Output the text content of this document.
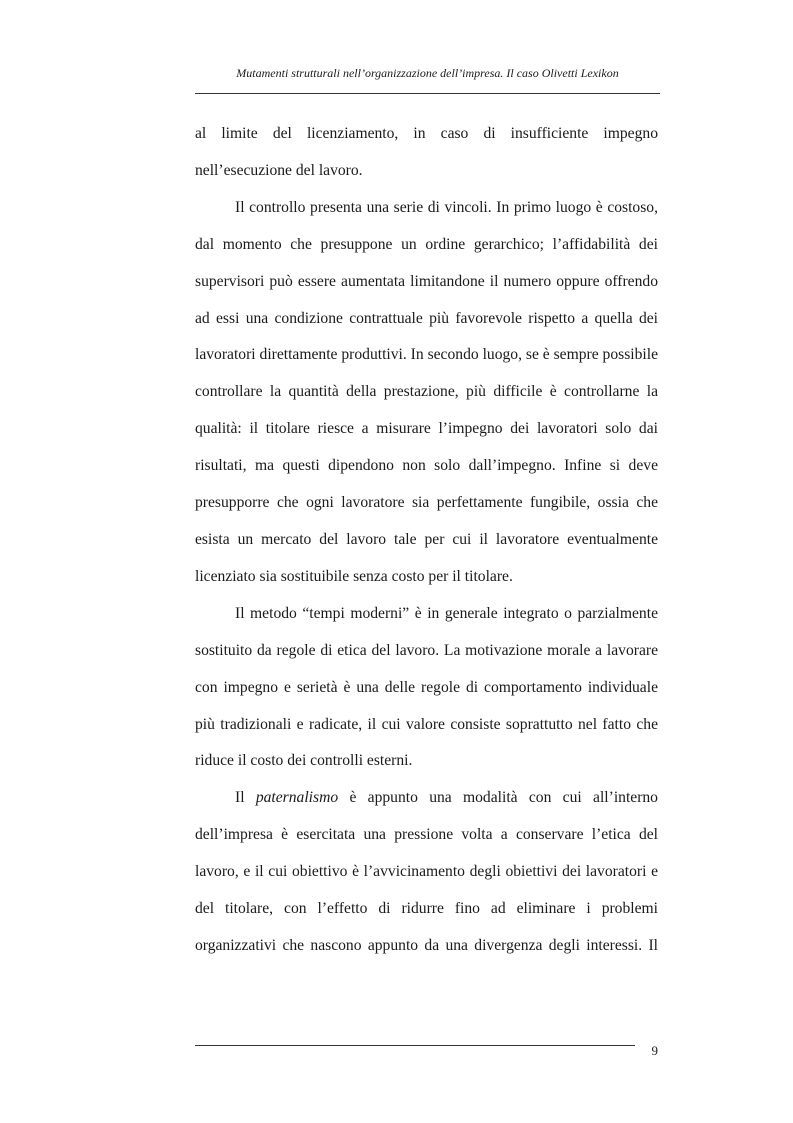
Mutamenti strutturali nell’organizzazione dell’impresa. Il caso Olivetti Lexikon

al limite del licenziamento, in caso di insufficiente impegno nell’esecuzione del lavoro.

Il controllo presenta una serie di vincoli. In primo luogo è costoso, dal momento che presuppone un ordine gerarchico; l’affidabilità dei supervisori può essere aumentata limitandone il numero oppure offrendo ad essi una condizione contrattuale più favorevole rispetto a quella dei lavoratori direttamente produttivi. In secondo luogo, se è sempre possibile controllare la quantità della prestazione, più difficile è controllarne la qualità: il titolare riesce a misurare l’impegno dei lavoratori solo dai risultati, ma questi dipendono non solo dall’impegno. Infine si deve presupporre che ogni lavoratore sia perfettamente fungibile, ossia che esista un mercato del lavoro tale per cui il lavoratore eventualmente licenziato sia sostituibile senza costo per il titolare.

Il metodo “tempi moderni” è in generale integrato o parzialmente sostituito da regole di etica del lavoro. La motivazione morale a lavorare con impegno e serietà è una delle regole di comportamento individuale più tradizionali e radicate, il cui valore consiste soprattutto nel fatto che riduce il costo dei controlli esterni.

Il paternalismo è appunto una modalità con cui all’interno dell’impresa è esercitata una pressione volta a conservare l’etica del lavoro, e il cui obiettivo è l’avvicinamento degli obiettivi dei lavoratori e del titolare, con l’effetto di ridurre fino ad eliminare i problemi organizzativi che nascono appunto da una divergenza degli interessi. Il

9
